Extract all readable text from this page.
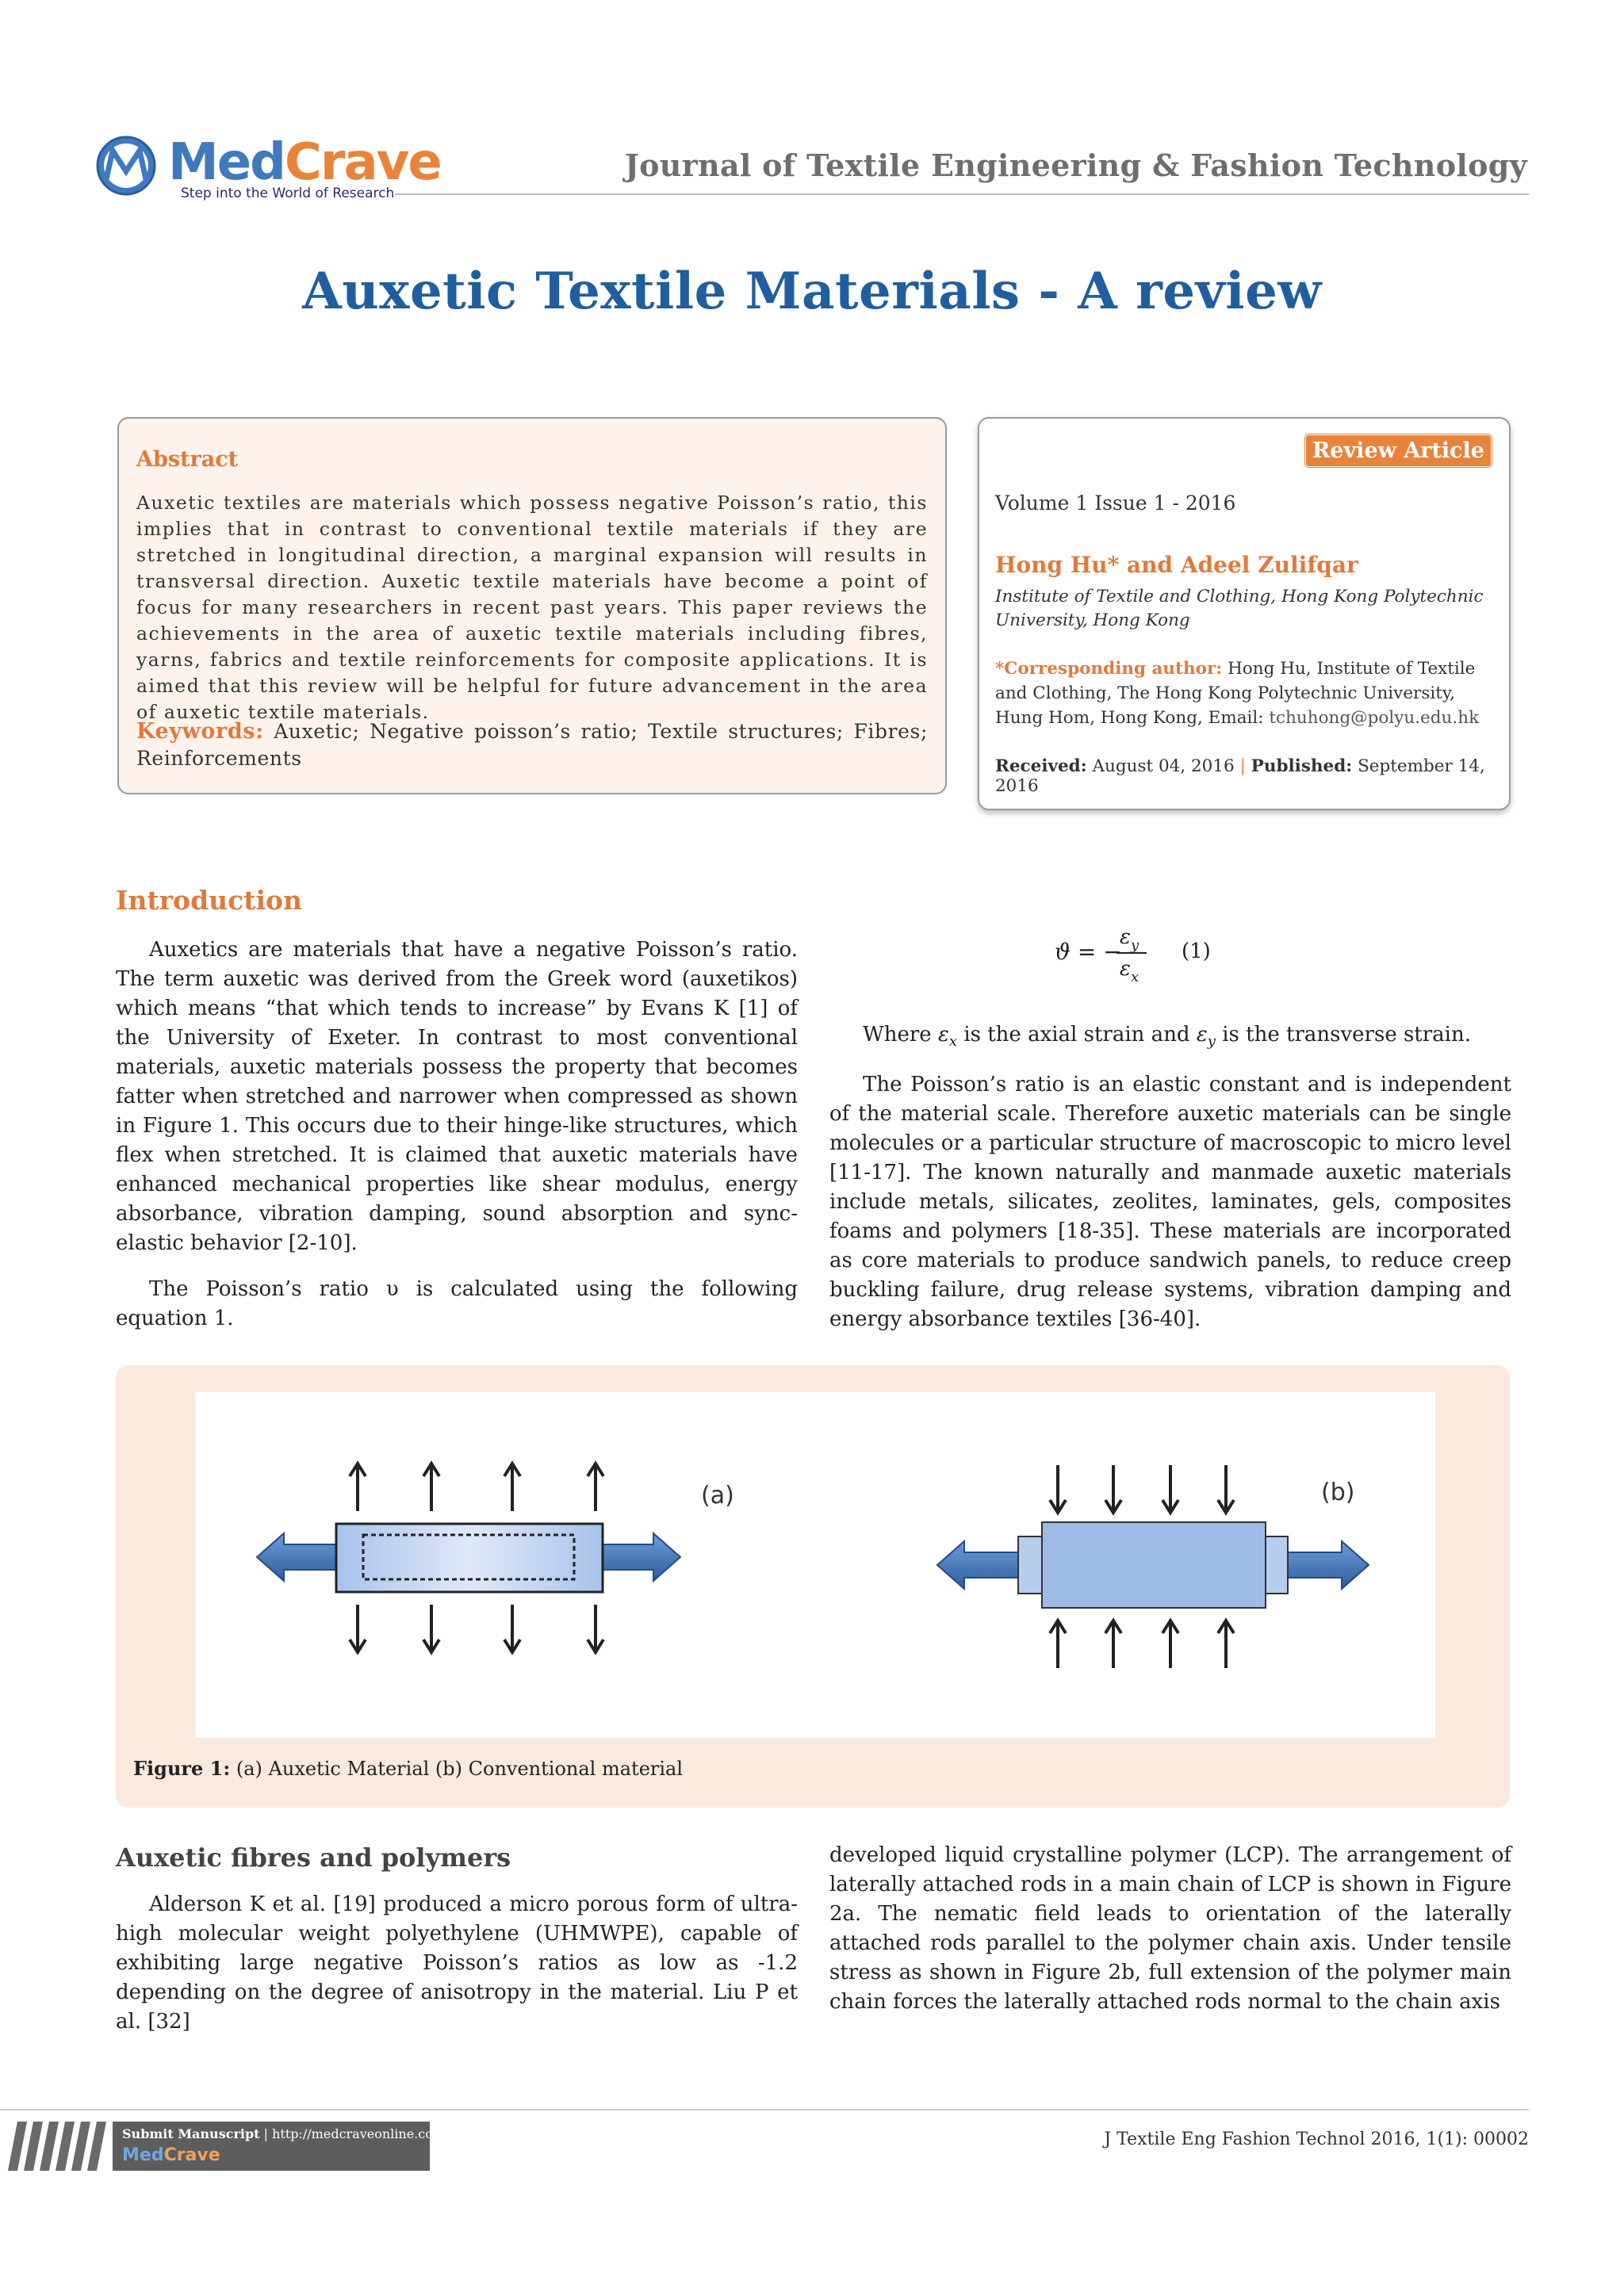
MedCrave
Step into the World of Research
Journal of Textile Engineering & Fashion Technology
Auxetic Textile Materials - A review
Abstract
Auxetic textiles are materials which possess negative Poisson’s ratio, this implies that in contrast to conventional textile materials if they are stretched in longitudinal direction, a marginal expansion will results in transversal direction. Auxetic textile materials have become a point of focus for many researchers in recent past years. This paper reviews the achievements in the area of auxetic textile materials including fibres, yarns, fabrics and textile reinforcements for composite applications. It is aimed that this review will be helpful for future advancement in the area of auxetic textile materials.
Keywords: Auxetic; Negative poisson’s ratio; Textile structures; Fibres; Reinforcements
Review Article
Volume 1 Issue 1 - 2016
Hong Hu* and Adeel Zulifqar
Institute of Textile and Clothing, Hong Kong Polytechnic University, Hong Kong
*Corresponding author: Hong Hu, Institute of Textile and Clothing, The Hong Kong Polytechnic University, Hung Hom, Hong Kong, Email: tchuhong@polyu.edu.hk
Received: August 04, 2016 | Published: September 14, 2016
Introduction

Auxetics are materials that have a negative Poisson’s ratio. The term auxetic was derived from the Greek word (auxetikos) which means “that which tends to increase” by Evans K [1] of the University of Exeter. In contrast to most conventional materials, auxetic materials possess the property that becomes fatter when stretched and narrower when compressed as shown in Figure 1. This occurs due to their hinge-like structures, which flex when stretched. It is claimed that auxetic materials have enhanced mechanical properties like shear modulus, energy absorbance, vibration damping, sound absorption and sync-elastic behavior [2-10].

The Poisson’s ratio υ is calculated using the following equation 1.

ϑ = −
ε y
ε x
(1)
Where $\varepsilon_x$ is the axial strain and $\varepsilon_y$ is the transverse strain.

The Poisson’s ratio is an elastic constant and is independent of the material scale. Therefore auxetic materials can be single molecules or a particular structure of macroscopic to micro level [11-17]. The known naturally and manmade auxetic materials include metals, silicates, zeolites, laminates, gels, composites foams and polymers [18-35]. These materials are incorporated as core materials to produce sandwich panels, to reduce creep buckling failure, drug release systems, vibration damping and energy absorbance textiles [36-40].

(a)	(b)
Figure 1: (a) Auxetic Material (b) Conventional material
Auxetic fibres and polymers

Alderson K et al. [19] produced a micro porous form of ultra-high molecular weight polyethylene (UHMWPE), capable of exhibiting large negative Poisson’s ratios as low as -1.2 depending on the degree of anisotropy in the material. Liu P et al. [32]

developed liquid crystalline polymer (LCP). The arrangement of laterally attached rods in a main chain of LCP is shown in Figure 2a. The nematic field leads to orientation of the laterally attached rods parallel to the polymer chain axis. Under tensile stress as shown in Figure 2b, full extension of the polymer main chain forces the laterally attached rods normal to the chain axis

Submit Manuscript | http://medcraveonline.com
MedCrave
J Textile Eng Fashion Technol 2016, 1(1): 00002
